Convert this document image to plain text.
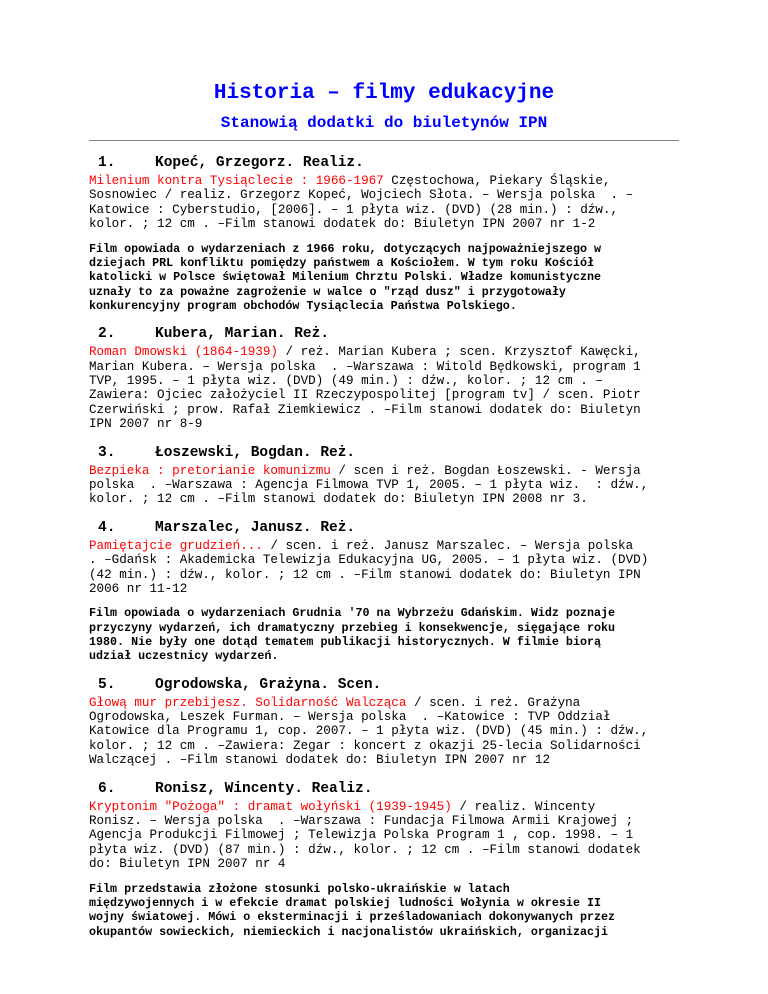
Historia – filmy edukacyjne
Stanowią dodatki do biuletynów IPN
1.	Kopeć, Grzegorz. Realiz.
Milenium kontra Tysiąclecie : 1966-1967 Częstochowa, Piekary Śląskie,
Sosnowiec / realiz. Grzegorz Kopeć, Wojciech Słota. – Wersja polska  . –
Katowice : Cyberstudio, [2006]. – 1 płyta wiz. (DVD) (28 min.) : dźw.,
kolor. ; 12 cm . –Film stanowi dodatek do: Biuletyn IPN 2007 nr 1-2
Film opowiada o wydarzeniach z 1966 roku, dotyczących najpoważniejszego w
dziejach PRL konfliktu pomiędzy państwem a Kościołem. W tym roku Kościół
katolicki w Polsce świętował Milenium Chrztu Polski. Władze komunistyczne
uznały to za poważne zagrożenie w walce o "rząd dusz" i przygotowały
konkurencyjny program obchodów Tysiąclecia Państwa Polskiego.
2.	Kubera, Marian. Reż.
Roman Dmowski (1864-1939) / reż. Marian Kubera ; scen. Krzysztof Kawęcki,
Marian Kubera. – Wersja polska  . –Warszawa : Witold Będkowski, program 1
TVP, 1995. – 1 płyta wiz. (DVD) (49 min.) : dźw., kolor. ; 12 cm . –
Zawiera: Ojciec założyciel II Rzeczypospolitej [program tv] / scen. Piotr
Czerwiński ; prow. Rafał Ziemkiewicz . –Film stanowi dodatek do: Biuletyn
IPN 2007 nr 8-9
3.	Łoszewski, Bogdan. Reż.
Bezpieka : pretorianie komunizmu / scen i reż. Bogdan Łoszewski. - Wersja
polska  . –Warszawa : Agencja Filmowa TVP 1, 2005. – 1 płyta wiz.  : dźw.,
kolor. ; 12 cm . –Film stanowi dodatek do: Biuletyn IPN 2008 nr 3.
4.	Marszalec, Janusz. Reż.
Pamiętajcie grudzień... / scen. i reż. Janusz Marszalec. – Wersja polska
. –Gdańsk : Akademicka Telewizja Edukacyjna UG, 2005. – 1 płyta wiz. (DVD)
(42 min.) : dźw., kolor. ; 12 cm . –Film stanowi dodatek do: Biuletyn IPN
2006 nr 11-12
Film opowiada o wydarzeniach Grudnia '70 na Wybrzeżu Gdańskim. Widz poznaje
przyczyny wydarzeń, ich dramatyczny przebieg i konsekwencje, sięgające roku
1980. Nie były one dotąd tematem publikacji historycznych. W filmie biorą
udział uczestnicy wydarzeń.
5.	Ogrodowska, Grażyna. Scen.
Głową mur przebijesz. Solidarność Walcząca / scen. i reż. Grażyna
Ogrodowska, Leszek Furman. – Wersja polska  . –Katowice : TVP Oddział
Katowice dla Programu 1, cop. 2007. – 1 płyta wiz. (DVD) (45 min.) : dźw.,
kolor. ; 12 cm . –Zawiera: Zegar : koncert z okazji 25-lecia Solidarności
Walczącej . –Film stanowi dodatek do: Biuletyn IPN 2007 nr 12
6.	Ronisz, Wincenty. Realiz.
Kryptonim "Pożoga" : dramat wołyński (1939-1945) / realiz. Wincenty
Ronisz. – Wersja polska  . –Warszawa : Fundacja Filmowa Armii Krajowej ;
Agencja Produkcji Filmowej ; Telewizja Polska Program 1 , cop. 1998. – 1
płyta wiz. (DVD) (87 min.) : dźw., kolor. ; 12 cm . –Film stanowi dodatek
do: Biuletyn IPN 2007 nr 4
Film przedstawia złożone stosunki polsko-ukraińskie w latach
międzywojennych i w efekcie dramat polskiej ludności Wołynia w okresie II
wojny światowej. Mówi o eksterminacji i prześladowaniach dokonywanych przez
okupantów sowieckich, niemieckich i nacjonalistów ukraińskich, organizacji
